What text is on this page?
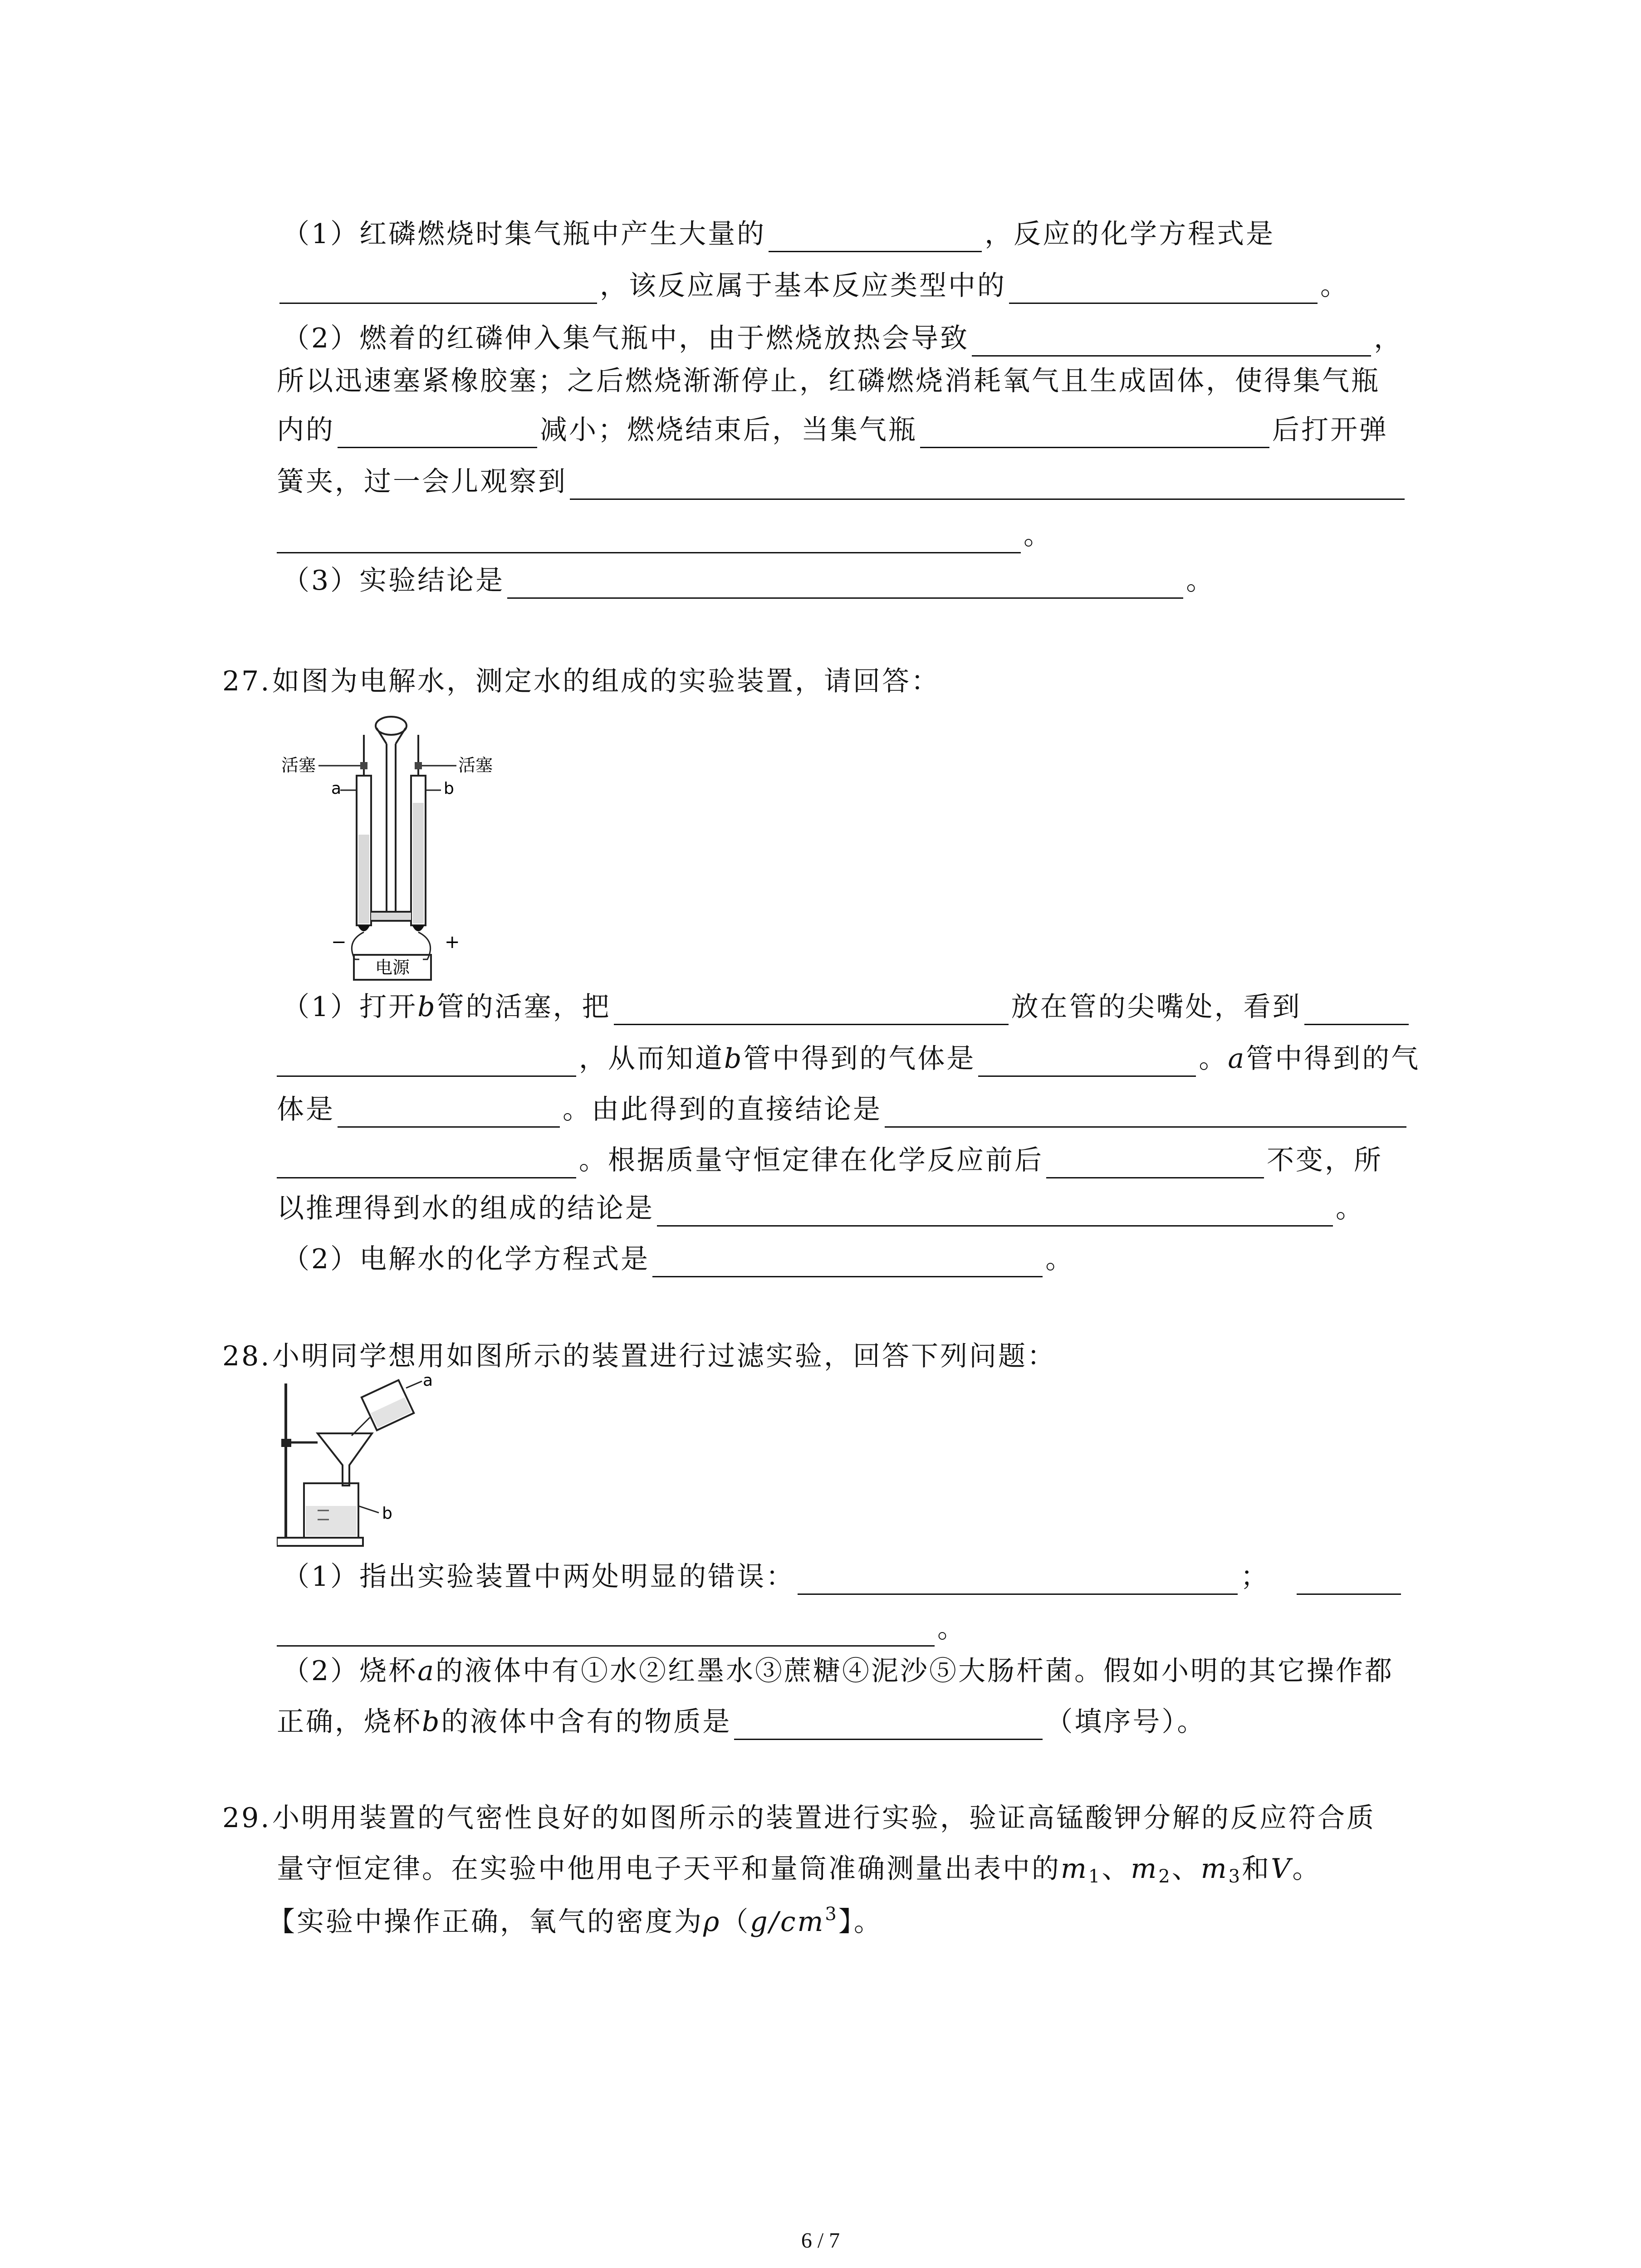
（1）红磷燃烧时集气瓶中产生大量的	，反应的化学方程式是
，该反应属于基本反应类型中的	。
（2）燃着的红磷伸入集气瓶中，由于燃烧放热会导致	，
所以迅速塞紧橡胶塞；之后燃烧渐渐停止，红磷燃烧消耗氧气且生成固体，使得集气瓶
内的	减小；燃烧结束后，当集气瓶	后打开弹
簧夹，过一会儿观察到
。
（3）实验结论是	。
27.如图为电解水，测定水的组成的实验装置，请回答：
电源
活塞	活塞
a	b
−	+
（1）打开b管的活塞，把	放在管的尖嘴处，看到
，从而知道b管中得到的气体是	。a管中得到的气
体是	。由此得到的直接结论是
。根据质量守恒定律在化学反应前后	不变，所
以推理得到水的组成的结论是	。
（2）电解水的化学方程式是	。
28.小明同学想用如图所示的装置进行过滤实验，回答下列问题：
b
a
（1）指出实验装置中两处明显的错误：	；
。
（2）烧杯a的液体中有①水②红墨水③蔗糖④泥沙⑤大肠杆菌。假如小明的其它操作都
正确，烧杯b的液体中含有的物质是	（填序号）。
29.小明用装置的气密性良好的如图所示的装置进行实验，验证高锰酸钾分解的反应符合质
量守恒定律。在实验中他用电子天平和量筒准确测量出表中的$m_1$、$m_2$、$m_3$和V。
【实验中操作正确，氧气的密度为$\rho(g/cm^3$】。
6 / 7
